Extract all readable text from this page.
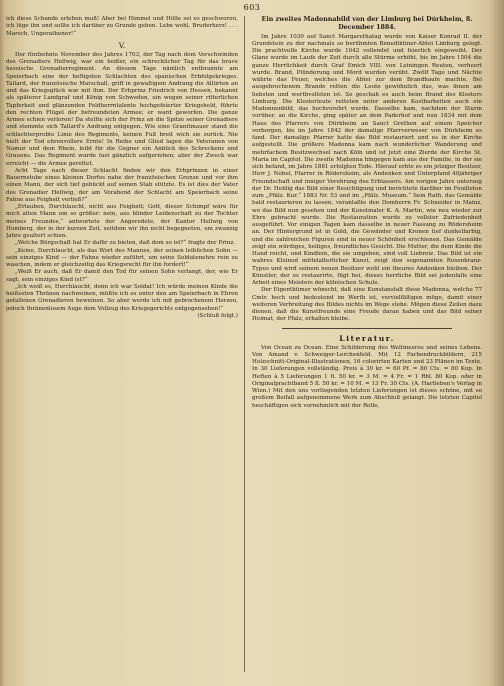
603

ich diese Schande erleben muß! Aber bei Himmel und Hölle sei es geschworen, ich lüge ihn und sollte ich darüber zu Grunde gehen. Lebe wohl, Bruderherz! . . . Marsch, Ungerathener!“

V.

Der fünfzehnte November des Jahres 1703, der Tag nach dem Verschwinden des Grenadiers Hellwig, war ein heißer, ein schrecklicher Tag für das brave hessische Grenadierregiment. An diesem Tage nämlich entbrannte am Speierbach eine der heftigsten Schlachten des spanischen Erbfolgekrieges. Tallard, der französische Marschall, griff in gewaltigem Andrang die Alliirten an und das Kriegsglück war mit ihm. Der Erbprinz Friedrich von Hessen, bekannt als späterer Landgraf und König von Schweden, ein wegen seiner ritterlichen Tapferkeit und glänzenden Feldherrntalente hochgefeierter Kriegsheld, führte den rechten Flügel der befreundeten Armee; er ward geworfen. Die ganze Armee schien verloren! Da stellte sich der Prinz an die Spitze seiner Grenadiere und stemmte sich Tallard's Andrang entgegen. Wie eine Granitmauer stand die schlachterprobte Linie des Regiments, keinen Fuß breit wich sie zurück. Nie hielt der Tod ehrenvollere Ernte! In Reihe und Glied lagen die Veteranen von Namur und dem Rhein, leibt für die Gegner ein Anblick des Schreckens und Grauens. Das Regiment wurde fast gänzlich aufgerieben; aber der Zweck war erreicht — die Armee gerettet.

Acht Tage nach dieser Schlacht finden wir den Erbprinzen in einer Bauernstube eines kleinen Dorfes nahe der französischen Grenze und vor ihm einen Mann, der sich tief gebückt auf seinen Stab stützte. Es ist dies der Vater des Grenadier Hellwig, der am Vorabend der Schlacht am Speierbach seine Fahne aus Feigheit verließ?“

„Erlauben, Durchlaucht, nicht aus Feigheit; Gott, dieser Schimpf wäre für mich alten Mann um so größer: nein, aus blinder Leidenschaft zu der Tochter meines Freundes,“ antwortete der Angeredete, der Kantor Hellwig von Homberg, der in der kurzen Zeit, seitdem wir ihn nicht begegneten, um zwanzig Jahre gealtert schien.

„Welche Bürgschaft hat Er dafür zu bieten, daß dem so ist?“ fragte der Prinz.

„Keine, Durchlaucht, als das Wort des Mannes, der seinen leiblichen Sohn — sein einziges Kind — der Fahne wieder zuführt, um seine Soldatenehre rein zu waschen, indem er gleichzeitig das Kriegsrecht für ihn fordert!“

„Weiß Er auch, daß Er damit den Tod für seinen Sohn verlangt, der, wie Er sagt, sein einziges Kind ist?“

„Ich weiß es, Durchlaucht, denn ich war Soldat! Ich würde meinen Kinde die heißesten Thränen nachweinen, müßte ich es unter den am Speierbach in Ehren gefallenen Grenadieren beweinen. So aber werde ich mit gebrochenem Herzen, jedoch thränenlosem Auge dem Vollzug des Kriegsgerichts entgegensehen!“

(Schluß folgt.)

Ein zweites Madonnabild von der Limburg bei Dürkheim, 8. December 1884.

Im Jahre 1030 auf Sanct Margarethatag wurde von Kaiser Konrad II. der Grundstein zu der nachmals so berühmten Benediktiner-Abtei Limburg gelegt. Die prachtvolle Kirche wurde 1042 vollendet und feierlich eingeweiht. Der Glanz wurde im Laufe der Zeit durch alle Stürme erhöht, bis im Jahre 1504 die ganze Herrlichkeit durch Graf Emich VIII. von Leiningen Reuten, verheert wurde. Brand, Plünderung und Mord wurden verübt. Zwölf Tage und Nächte währte das Feuer, welches die Abtei zur dem Brandhaufe machte. Bei ausgebrochenem Brande retten die Leute gewöhnlich das, was ihnen am liebsten und werthvollsten ist. So geschah es auch beim Brand des Klosters Limburg. Die Klosterleute retteten unter anderen Kostbarkeiten auch ein Madonnenbild, das hochverehrt wurde. Dasselbe kam, nachdem der Sturm vorüber, an die Kirche, ging später an dem Paderhof und nun 1834 mit dem Haus des Pfarrers von Dürkheim an Sanct Grethen auf einem Speicher verborgen, bis im Jahre 1842 der damalige Pfarrverweser von Dürkheim es fand. Der damalige Pfarrer hatte das Bild restauriert und es in der Kirche aufgestellt. Die größere Madonna kam nach wunderlicher Wanderung und mehrfachem Besitzwechsel nach Köln und ist jetzt eine Zierde der Kirche St. Maria im Capitol. Die zweite Madonna hingegen kam aus der Familie, in der sie sich befand, im Jahre 1881 erfolgten Tode. Hierauf erbte es ein jetziger Besitzer, Herr J. Nobel, Pfarrer in Rödersheim, als Andenken und Unterpfand 40jähriger Freundschaft und inniger Verehrung des Erblassers. Am vorigen Jahre unterzog der Dr. Heblig das Bild einer Besichtigung und berichtete darüber im Feuilleton zum „Pfälz. Kur.“ 1883 Nr. 53 und im „Pfälz. Museum.“ Sein Rath, das Gemälde bald restaurieren zu lassen, veranlaßte den Domherrn Fr. Schneider in Mainz, wo das Bild nun gesehen und der Kunstmaler K. A. Martin, wie neu wieder zur Ehre gebracht wurde. Die Restauration wurde zu vollster Zufriedenheit ausgeführt. Vor einigen Tagen kam dasselbe in neuer Fassung zu Rödersheim an. Der Hintergrund ist in Gold, die Gewänder und Kronen tief dunkelfarbig, und die zahlreichen Figuren sind in neuer Schönheit erschienen. Das Gemälde zeigt ein würdiges, heiliges, freundliches Gesicht. Die Mutter, die dem Kinde die Hand reicht, und Kindlein, die sie umgeben, sind voll Liebreiz. Das Bild ist ein wahres Kleinod mittelalterlicher Kunst, zeigt den sogenannten Rosenkranz-Typus und wird seinem neuen Besitzer wohl ein theures Andenken bleiben. Der Künstler, der es restaurirte, fügt bei, dieses herrliche Bild sei jedenfalls eine Arbeit eines Meisters der kölnischen Schule.

Der Eigenthümer wünscht, daß eine Kunstanstalt diese Madonna, welche 77 Cmtr. hoch und bedeutend im Werth ist, vervielfältigen möge, damit einer weiteren Verbreitung des Bildes nichts im Wege stehe. Mögen diese Zeilen dazu dienen, daß die Kunstfreunde eine Freude daran haben und das Bild seiner Heimat, der Pfalz, erhalten bleibe.

Literatur.

Von Ocean zu Ocean. Eine Schilderung des Weltmeeres und seines Lebens. Von Amand v. Schweiger-Lerchenfeld. Mit 12 Farbendruckbildern, 215 Holzschnitt-Original-Illustrationen, 16 colorirten Karten und 23 Plänen im Texte. In 30 Lieferungen vollständig. Preis à 30 kr. = 60 Pf. = 80 Cts. = 80 Kop. In Heften à 5 Lieferungen 1 fl. 50 kr. = 3 M. = 4 Fr. = 1 Rbl. 80 Kop. oder in Originalprachtband 5 fl. 50 kr. = 10 M. = 13 Fr. 30 Cts. (A. Hartleben's Verlag in Wien.) Mit den uns vorliegenden letzten Lieferungen ist dieses schöne, mit so großem Beifall aufgenommene Werk zum Abschluß gelangt. Die letzten Capitel beschäftigen sich vornehmlich mit der Rolle,
